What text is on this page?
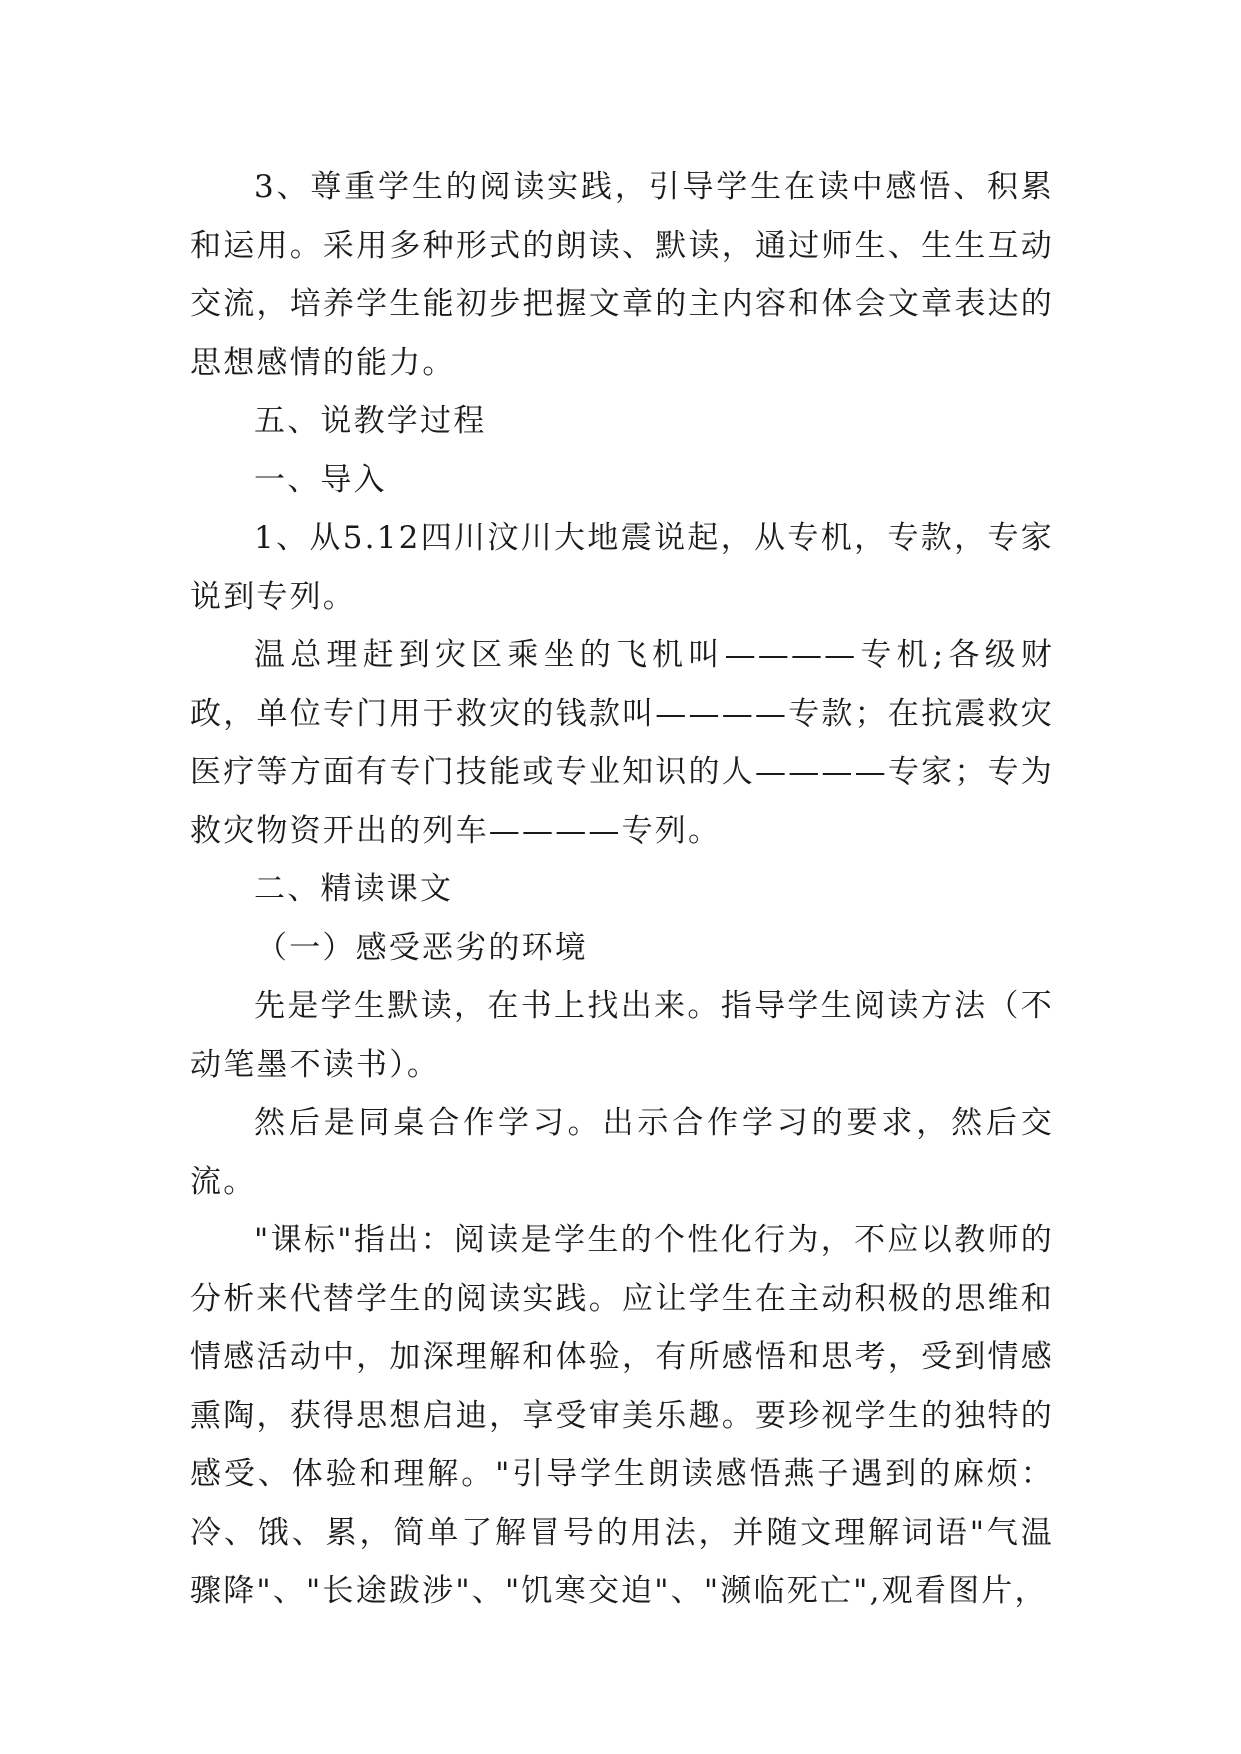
3、尊重学生的阅读实践，引导学生在读中感悟、积累和运用。采用多种形式的朗读、默读，通过师生、生生互动交流，培养学生能初步把握文章的主内容和体会文章表达的思想感情的能力。

五、说教学过程

一、导入

1、从5.12四川汶川大地震说起，从专机，专款，专家说到专列。

温总理赶到灾区乘坐的飞机叫————专机;各级财政，单位专门用于救灾的钱款叫————专款；在抗震救灾医疗等方面有专门技能或专业知识的人————专家；专为救灾物资开出的列车————专列。

二、精读课文

（一）感受恶劣的环境

先是学生默读，在书上找出来。指导学生阅读方法（不动笔墨不读书）。

然后是同桌合作学习。出示合作学习的要求，然后交流。

"课标"指出：阅读是学生的个性化行为，不应以教师的分析来代替学生的阅读实践。应让学生在主动积极的思维和情感活动中，加深理解和体验，有所感悟和思考，受到情感熏陶，获得思想启迪，享受审美乐趣。要珍视学生的独特的感受、体验和理解。"引导学生朗读感悟燕子遇到的麻烦：冷、饿、累，简单了解冒号的用法，并随文理解词语"气温骤降"、"长途跋涉"、"饥寒交迫"、"濒临死亡",观看图片，
